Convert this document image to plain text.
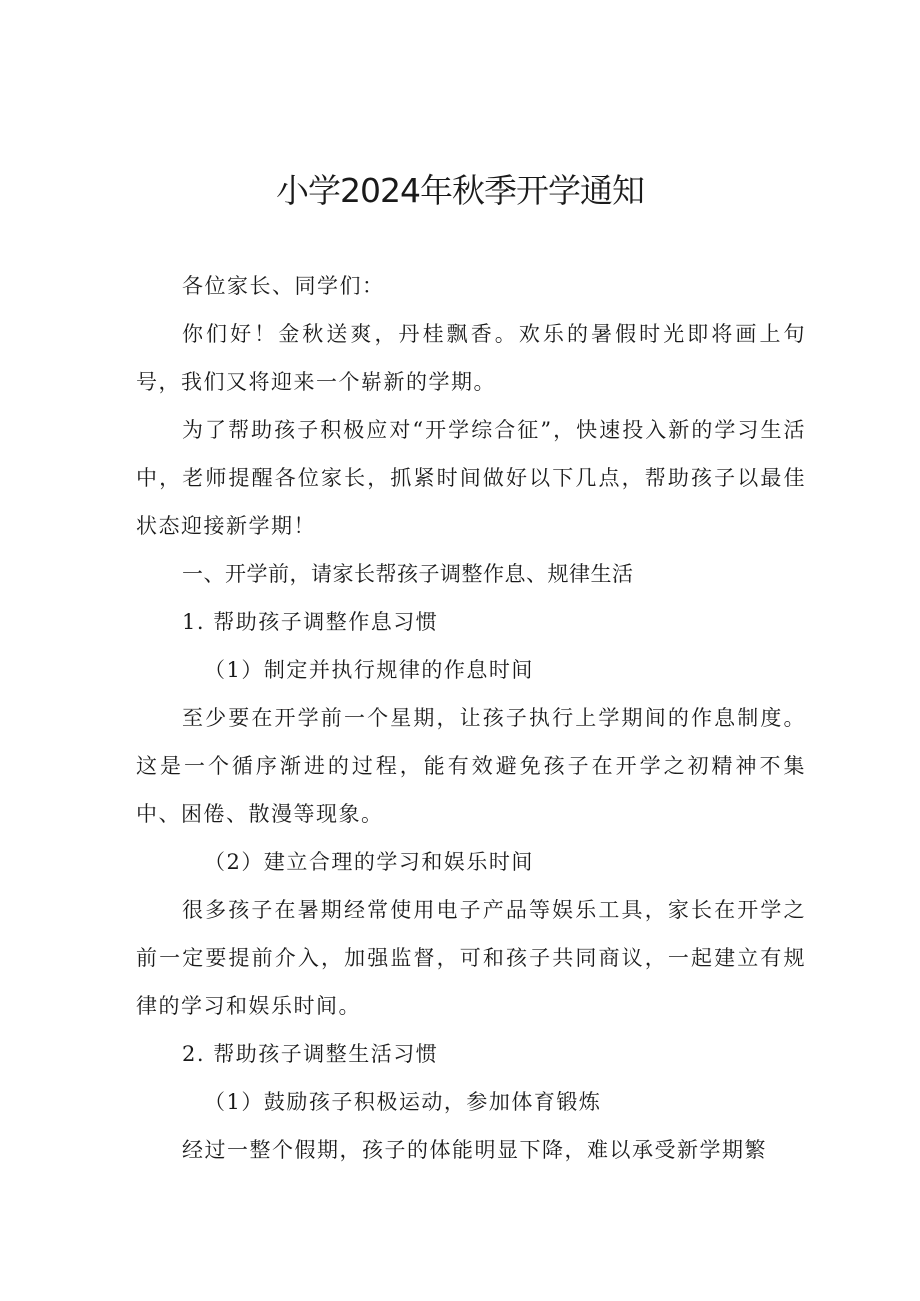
小学2024年秋季开学通知

各位家长、同学们：

你们好！金秋送爽，丹桂飘香。欢乐的暑假时光即将画上句号，我们又将迎来一个崭新的学期。

为了帮助孩子积极应对“开学综合征”，快速投入新的学习生活中，老师提醒各位家长，抓紧时间做好以下几点，帮助孩子以最佳状态迎接新学期！

一、开学前，请家长帮孩子调整作息、规律生活

1. 帮助孩子调整作息习惯

（1）制定并执行规律的作息时间

至少要在开学前一个星期，让孩子执行上学期间的作息制度。这是一个循序渐进的过程，能有效避免孩子在开学之初精神不集中、困倦、散漫等现象。

（2）建立合理的学习和娱乐时间

很多孩子在暑期经常使用电子产品等娱乐工具，家长在开学之前一定要提前介入，加强监督，可和孩子共同商议，一起建立有规律的学习和娱乐时间。

2. 帮助孩子调整生活习惯

（1）鼓励孩子积极运动，参加体育锻炼

经过一整个假期，孩子的体能明显下降，难以承受新学期繁
